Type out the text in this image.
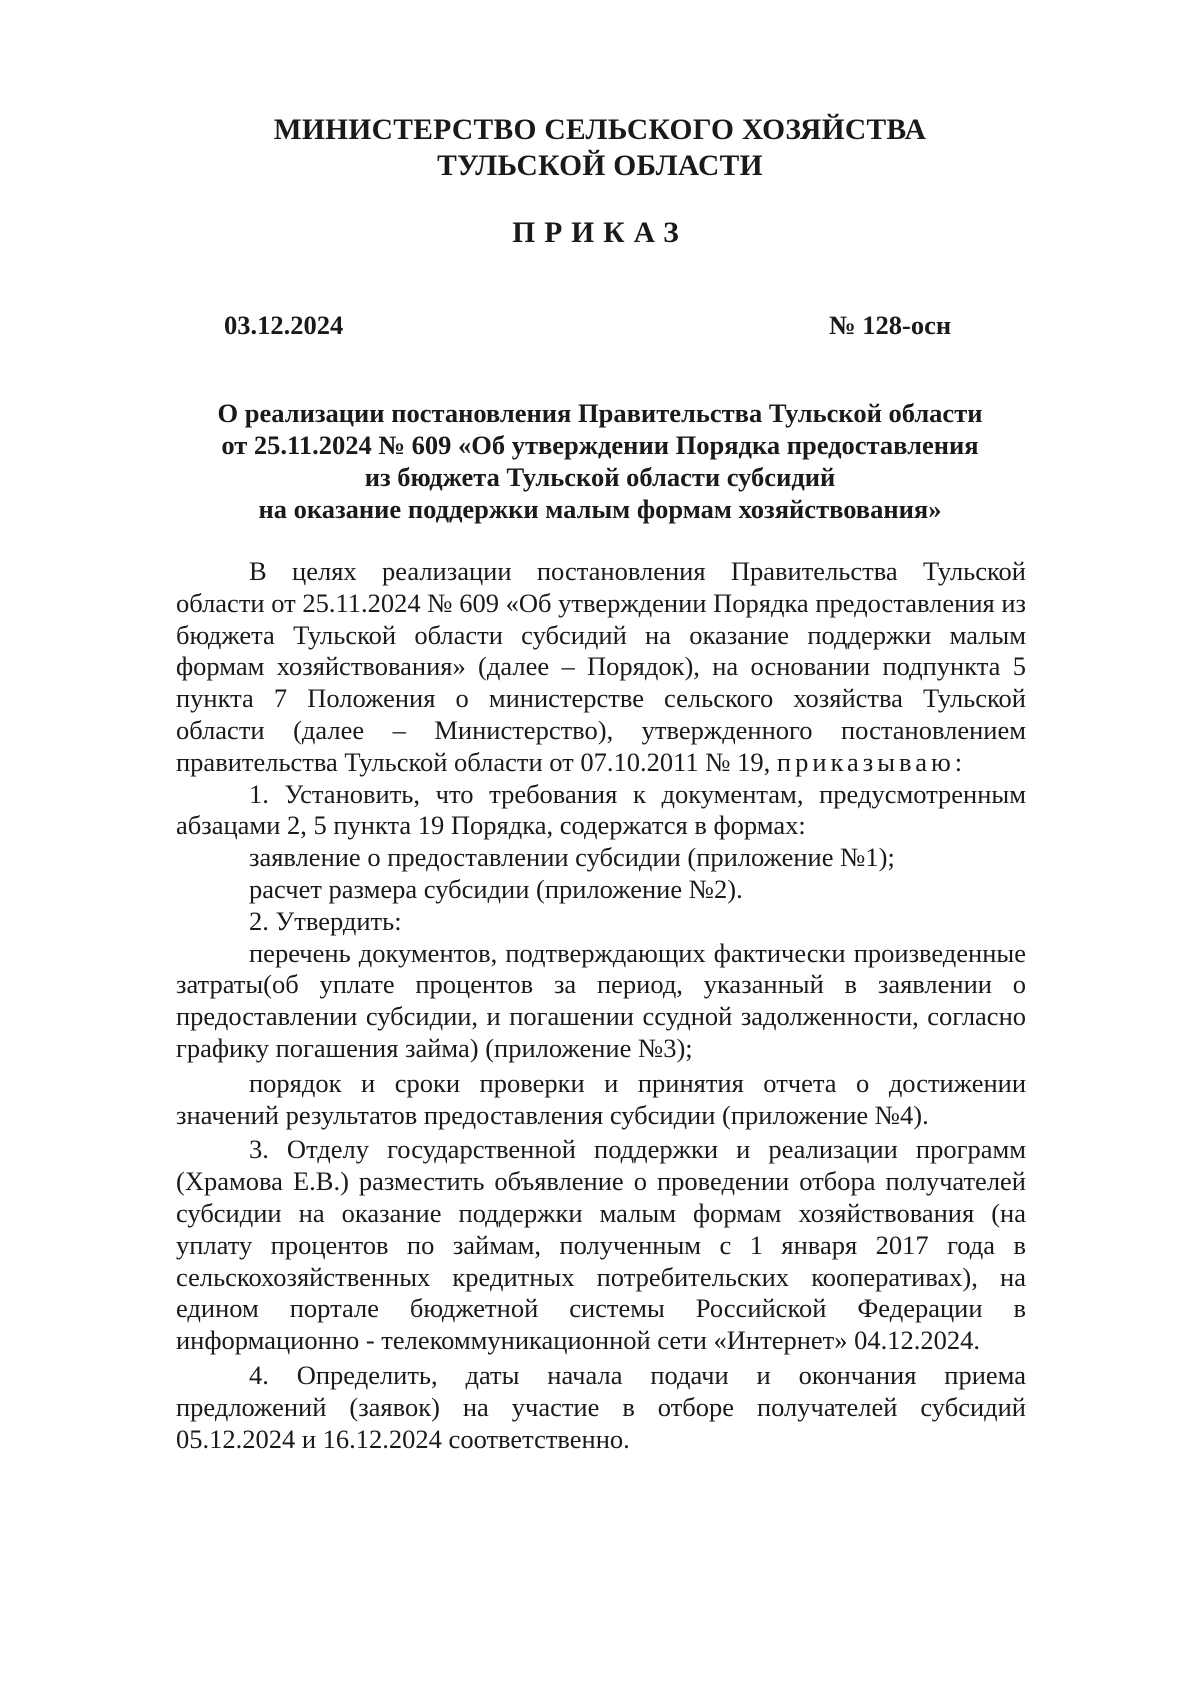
МИНИСТЕРСТВО СЕЛЬСКОГО ХОЗЯЙСТВА
ТУЛЬСКОЙ ОБЛАСТИ
ПРИКАЗ
03.12.2024	№ 128-осн
О реализации постановления Правительства Тульской области
от 25.11.2024 № 609 «Об утверждении Порядка предоставления
из бюджета Тульской области субсидий
на оказание поддержки малым формам хозяйствования»

В целях реализации постановления Правительства Тульской области от 25.11.2024 № 609 «Об утверждении Порядка предоставления из бюджета Тульской области субсидий на оказание поддержки малым формам хозяйствования» (далее – Порядок), на основании подпункта 5 пункта 7 Положения о министерстве сельского хозяйства Тульской области (далее – Министерство), утвержденного постановлением правительства Тульской области от 07.10.2011 № 19, приказываю:

1. Установить, что требования к документам, предусмотренным абзацами 2, 5 пункта 19 Порядка, содержатся в формах:

заявление о предоставлении субсидии (приложение №1);

расчет размера субсидии (приложение №2).

2. Утвердить:

перечень документов, подтверждающих фактически произведенные затраты(об уплате процентов за период, указанный в заявлении о предоставлении субсидии, и погашении ссудной задолженности, согласно графику погашения займа) (приложение №3);

порядок и сроки проверки и принятия отчета о достижении значений результатов предоставления субсидии (приложение №4).

3. Отделу государственной поддержки и реализации программ (Храмова Е.В.) разместить объявление о проведении отбора получателей субсидии на оказание поддержки малым формам хозяйствования (на уплату процентов по займам, полученным с 1 января 2017 года в сельскохозяйственных кредитных потребительских кооперативах), на едином портале бюджетной системы Российской Федерации в информационно - телекоммуникационной сети «Интернет» 04.12.2024.

4. Определить, даты начала подачи и окончания приема предложений (заявок) на участие в отборе получателей субсидий 05.12.2024 и 16.12.2024 соответственно.
